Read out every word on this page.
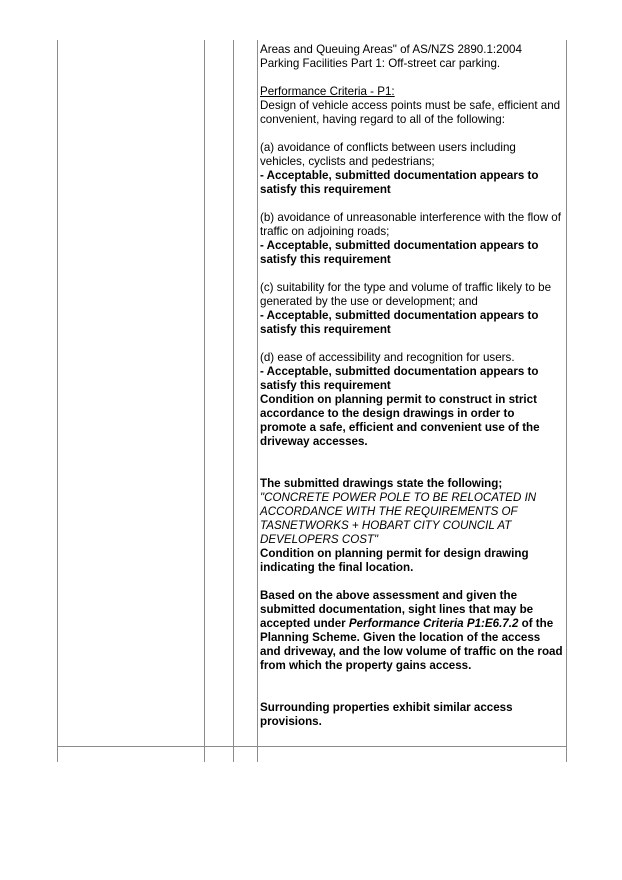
Areas and Queuing Areas" of AS/NZS 2890.1:2004

Parking Facilities Part 1: Off-street car parking.

Performance Criteria - P1:

Design of vehicle access points must be safe, efficient and convenient, having regard to all of the following:

(a) avoidance of conflicts between users including vehicles, cyclists and pedestrians;

- Acceptable, submitted documentation appears to satisfy this requirement

(b) avoidance of unreasonable interference with the flow of traffic on adjoining roads;

- Acceptable, submitted documentation appears to satisfy this requirement

(c) suitability for the type and volume of traffic likely to be generated by the use or development; and

- Acceptable, submitted documentation appears to satisfy this requirement

(d) ease of accessibility and recognition for users.

- Acceptable, submitted documentation appears to satisfy this requirement

Condition on planning permit to construct in strict accordance to the design drawings in order to promote a safe, efficient and convenient use of the driveway accesses.

The submitted drawings state the following;

"CONCRETE POWER POLE TO BE RELOCATED IN ACCORDANCE WITH THE REQUIREMENTS OF TASNETWORKS + HOBART CITY COUNCIL AT DEVELOPERS COST"

Condition on planning permit for design drawing indicating the final location.

Based on the above assessment and given the submitted documentation, sight lines that may be accepted under Performance Criteria P1:E6.7.2 of the Planning Scheme. Given the location of the access and driveway, and the low volume of traffic on the road from which the property gains access.

Surrounding properties exhibit similar access provisions.
